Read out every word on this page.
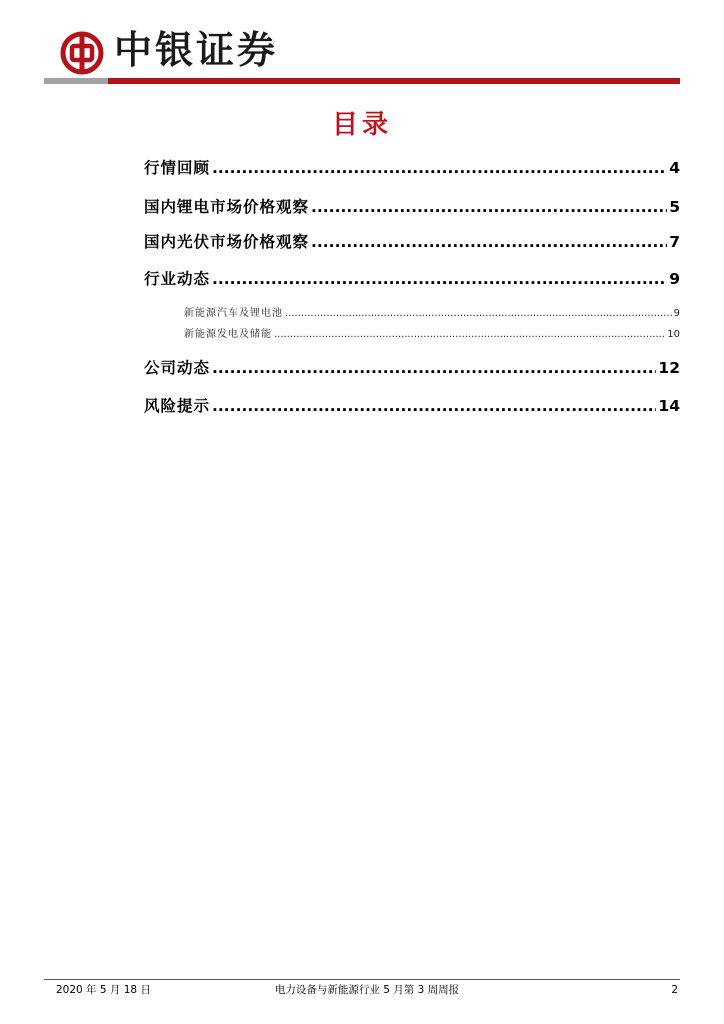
中银证券
目录
行情回顾 .....	4
国内锂电市场价格观察 .....	5
国内光伏市场价格观察 .....	7
行业动态 .....	9
新能源汽车及锂电池 .....	9
新能源发电及储能 .....	10
公司动态 .....	12
风险提示 .....	14
2020 年 5 月 18 日	电力设备与新能源行业 5 月第 3 周周报	2
